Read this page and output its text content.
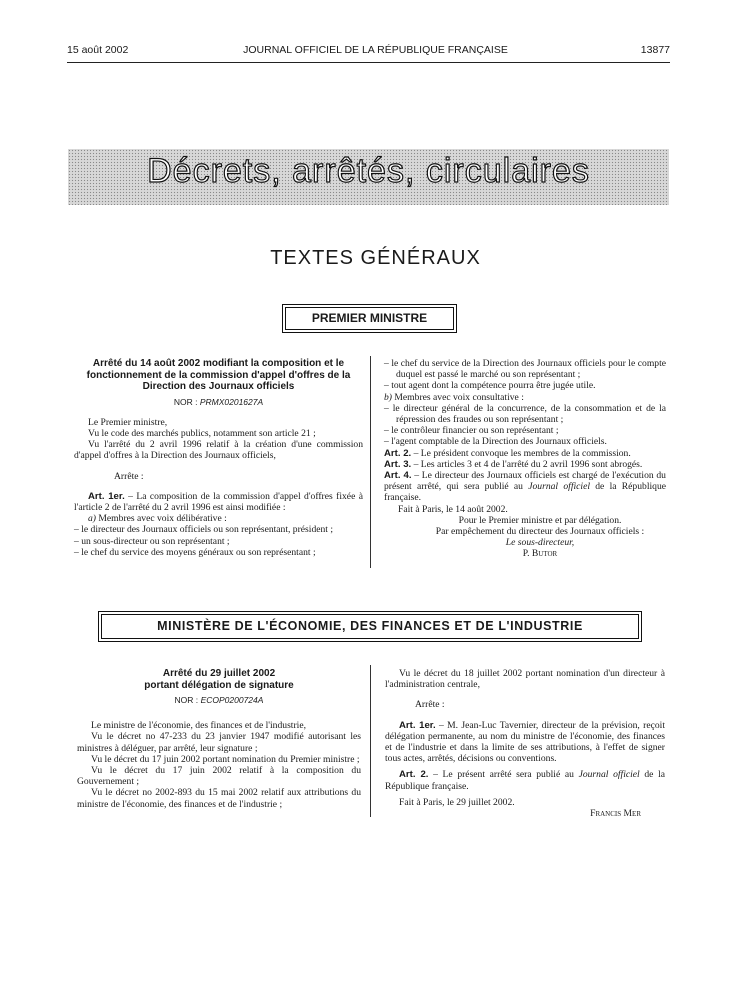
15 août 2002	JOURNAL OFFICIEL DE LA RÉPUBLIQUE FRANÇAISE	13877
Décrets, arrêtés, circulaires
TEXTES GÉNÉRAUX
PREMIER MINISTRE
Arrêté du 14 août 2002 modifiant la composition et le fonctionnement de la commission d'appel d'offres de la Direction des Journaux officiels
NOR : PRMX0201627A

Le Premier ministre,

Vu le code des marchés publics, notamment son article 21 ;

Vu l'arrêté du 2 avril 1996 relatif à la création d'une commission d'appel d'offres à la Direction des Journaux officiels,

Arrête :

Art. 1er. – La composition de la commission d'appel d'offres fixée à l'article 2 de l'arrêté du 2 avril 1996 est ainsi modifiée :

a) Membres avec voix délibérative :

– le directeur des Journaux officiels ou son représentant, président ;

– un sous-directeur ou son représentant ;

– le chef du service des moyens généraux ou son représentant ;

– le chef du service de la Direction des Journaux officiels pour le compte duquel est passé le marché ou son représentant ;

– tout agent dont la compétence pourra être jugée utile.

b) Membres avec voix consultative :

– le directeur général de la concurrence, de la consommation et de la répression des fraudes ou son représentant ;

– le contrôleur financier ou son représentant ;

– l'agent comptable de la Direction des Journaux officiels.

Art. 2. – Le président convoque les membres de la commission.

Art. 3. – Les articles 3 et 4 de l'arrêté du 2 avril 1996 sont abrogés.

Art. 4. – Le directeur des Journaux officiels est chargé de l'exécution du présent arrêté, qui sera publié au Journal officiel de la République française.

Fait à Paris, le 14 août 2002.

Pour le Premier ministre et par délégation.

Par empêchement du directeur des Journaux officiels :

Le sous-directeur,

P. Butor

MINISTÈRE DE L'ÉCONOMIE, DES FINANCES ET DE L'INDUSTRIE
Arrêté du 29 juillet 2002
portant délégation de signature
NOR : ECOP0200724A

Le ministre de l'économie, des finances et de l'industrie,

Vu le décret no 47-233 du 23 janvier 1947 modifié autorisant les ministres à déléguer, par arrêté, leur signature ;

Vu le décret du 17 juin 2002 portant nomination du Premier ministre ;

Vu le décret du 17 juin 2002 relatif à la composition du Gouvernement ;

Vu le décret no 2002-893 du 15 mai 2002 relatif aux attributions du ministre de l'économie, des finances et de l'industrie ;

Vu le décret du 18 juillet 2002 portant nomination d'un directeur à l'administration centrale,

Arrête :

Art. 1er. – M. Jean-Luc Tavernier, directeur de la prévision, reçoit délégation permanente, au nom du ministre de l'économie, des finances et de l'industrie et dans la limite de ses attributions, à l'effet de signer tous actes, arrêtés, décisions ou conventions.

Art. 2. – Le présent arrêté sera publié au Journal officiel de la République française.

Fait à Paris, le 29 juillet 2002.

Francis Mer
